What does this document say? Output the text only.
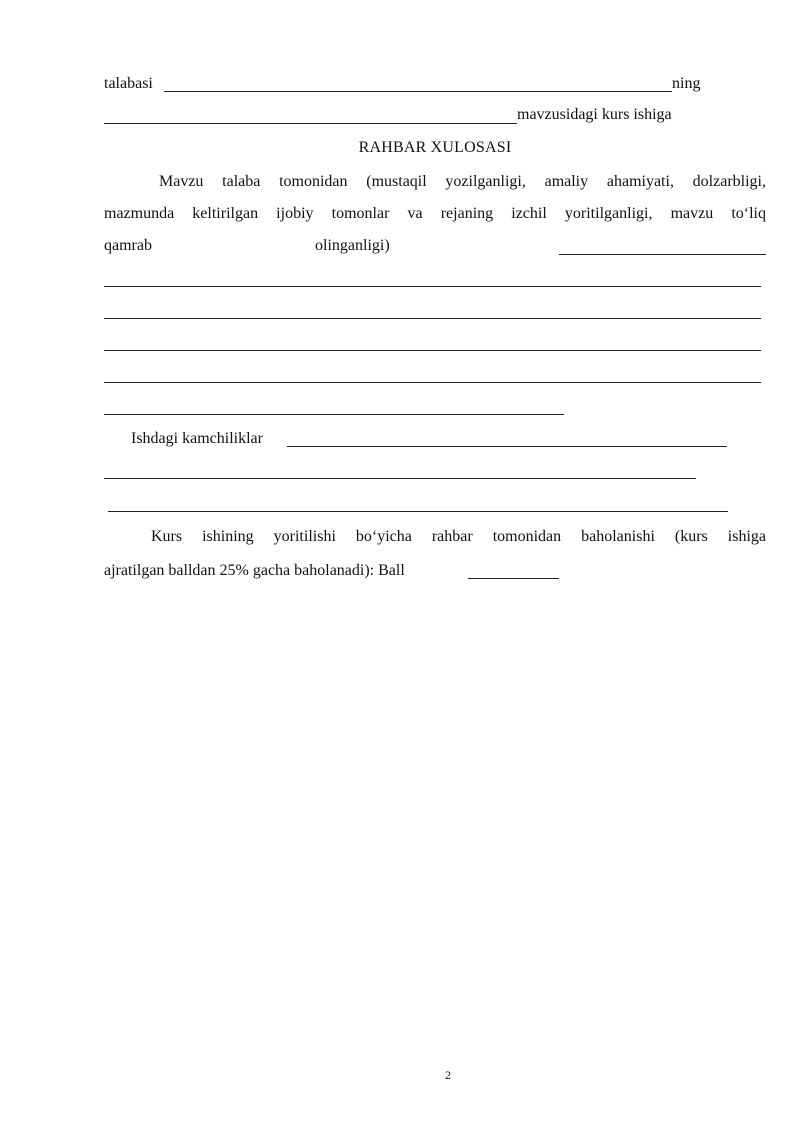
talabasi	ning
mavzusidagi kurs ishiga
RAHBAR XULOSASI
Mavzu talaba tomonidan (mustaqil yozilganligi, amaliy ahamiyati, dolzarbligi,
mazmunda keltirilgan ijobiy tomonlar va rejaning izchil yoritilganligi, mavzu to‘liq
qamrab	olinganligi)
Ishdagi kamchiliklar
Kurs ishining yoritilishi bo‘yicha rahbar tomonidan baholanishi (kurs ishiga
ajratilgan balldan 25% gacha baholanadi): Ball
2
